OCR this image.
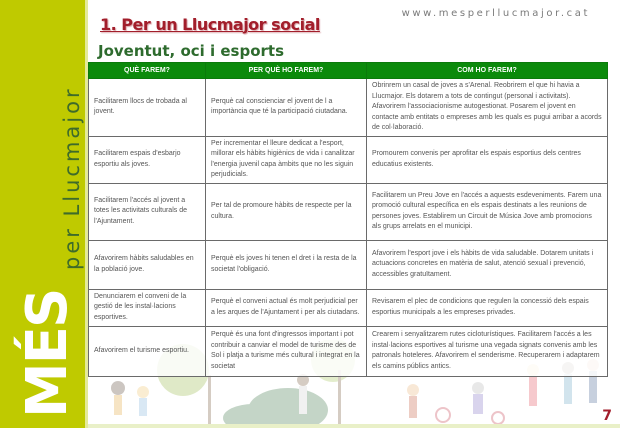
per Llucmajor
MÉS
www.mesperllucmajor.cat
1. Per un Llucmajor social
Joventut, oci i esports
QUÈ FAREM?	PER QUÈ HO FAREM?	COM HO FAREM?
Facilitarem llocs de trobada al jovent.	Perquè cal conscienciar el jovent de l a importància que té la participació ciutadana.	Obrinrem un casal de joves a s'Arenal. Reobrirem el que hi havia a Llucmajor. Els dotarem a tots de contingut (personal i activitats). Afavorirem l'associacionisme autogestionat. Posarem el jovent en contacte amb entitats o empreses amb les quals es pugui arribar a acords de col·laboració.
Facilitarem espais d'esbarjo esportiu als joves.	Per incrementar el lleure dedicat a l'esport, millorar els hàbits higiènics de vida i canalitzar l'energia juvenil capa àmbits que no les siguin perjudicials.	Promourem convenis per aprofitar els espais esportius dels centres educatius existents.
Facilitarem l'accés al jovent a totes les activitats culturals de l'Ajuntament.	Per tal de promoure hàbits de respecte per la cultura.	Facilitarem un Preu Jove en l'accés a aquests esdeveniments. Farem una promoció cultural específica en els espais destinats a les reunions de persones joves. Establirem un Circuit de Música Jove amb promocions als grups arrelats en el municipi.
Afavorirem hàbits saludables en la població jove.	Perquè els joves hi tenen el dret i la resta de la societat l'obligació.	Afavorirem l'esport jove i els hàbits de vida saludable. Dotarem unitats i actuacions concretes en matèria de salut, atenció sexual i prevenció, accessibles gratuïtament.
Denunciarem el conveni de la gestió de les instal·lacions esportives.	Perquè el conveni actual és molt perjudicial per a les arques de l'Ajuntament i per als ciutadans.	Revisarem el plec de condicions que regulen la concessió dels espais esportius municipals a les empreses privades.
Afavorirem el turisme esportiu.	Perquè és una font d'ingressos important i pot contribuir a canviar el model de turisme des de Sol i platja a turisme més cultural i integrat en la societat	Crearem i senyalitzarem rutes cicloturístiques. Facilitarem l'accés a les instal·lacions esportives al turisme una vegada signats convenis amb les patronals hoteleres. Afavorirem el senderisme. Recuperarem i adaptarem els camins públics antics.
7
